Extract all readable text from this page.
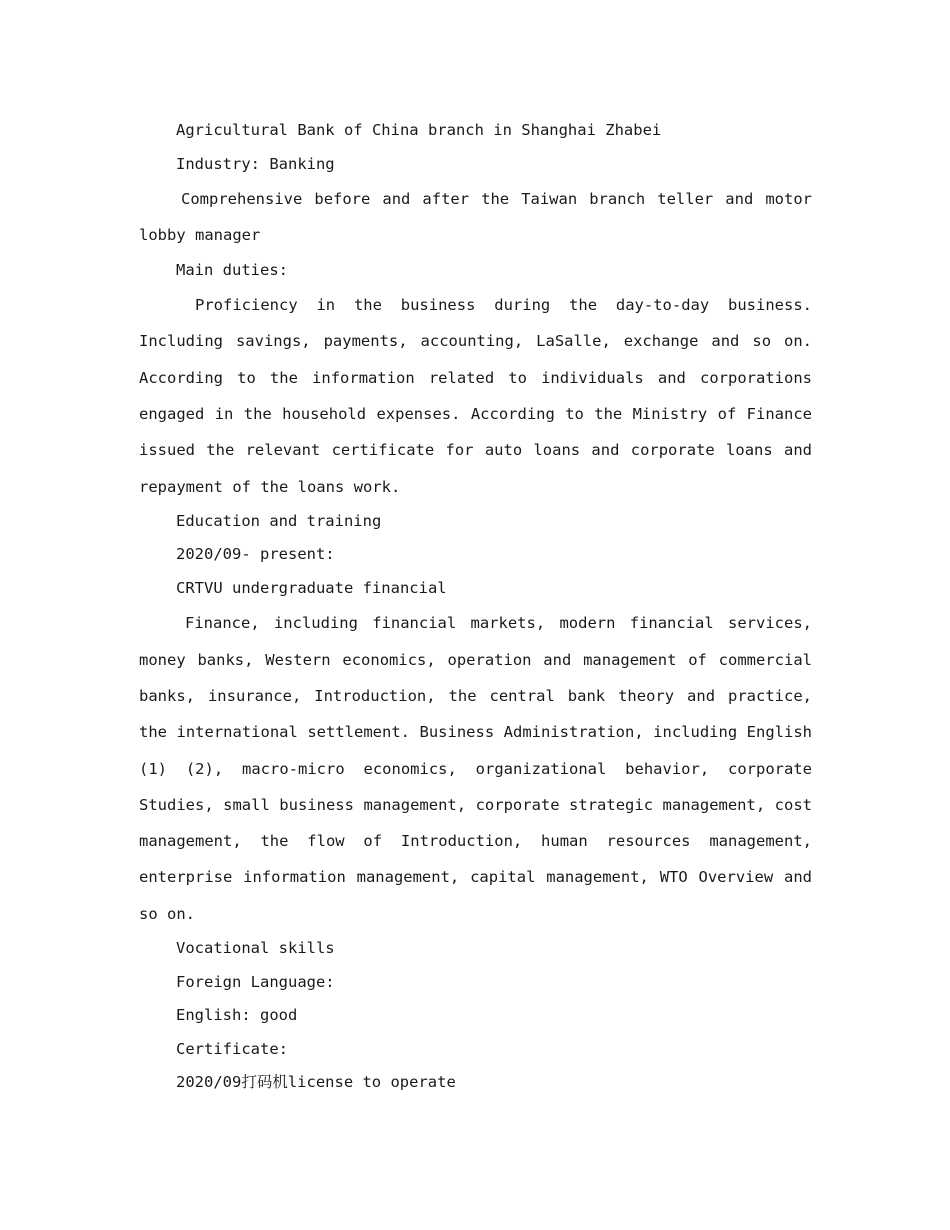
Agricultural Bank of China branch in Shanghai Zhabei

Industry: Banking

Comprehensive before and after the Taiwan branch teller and motor lobby manager

Main duties:

Proficiency in the business during the day-to-day business. Including savings, payments, accounting, LaSalle, exchange and so on. According to the information related to individuals and corporations engaged in the household expenses. According to the Ministry of Finance issued the relevant certificate for auto loans and corporate loans and repayment of the loans work.

Education and training

2020/09- present:

CRTVU undergraduate financial

Finance, including financial markets, modern financial services, money banks, Western economics, operation and management of commercial banks, insurance, Introduction, the central bank theory and practice, the international settlement. Business Administration, including English (1) (2), macro-micro economics, organizational behavior, corporate Studies, small business management, corporate strategic management, cost management, the flow of Introduction, human resources management, enterprise information management, capital management, WTO Overview and so on.

Vocational skills

Foreign Language:

English: good

Certificate:

2020/09打码机license to operate
